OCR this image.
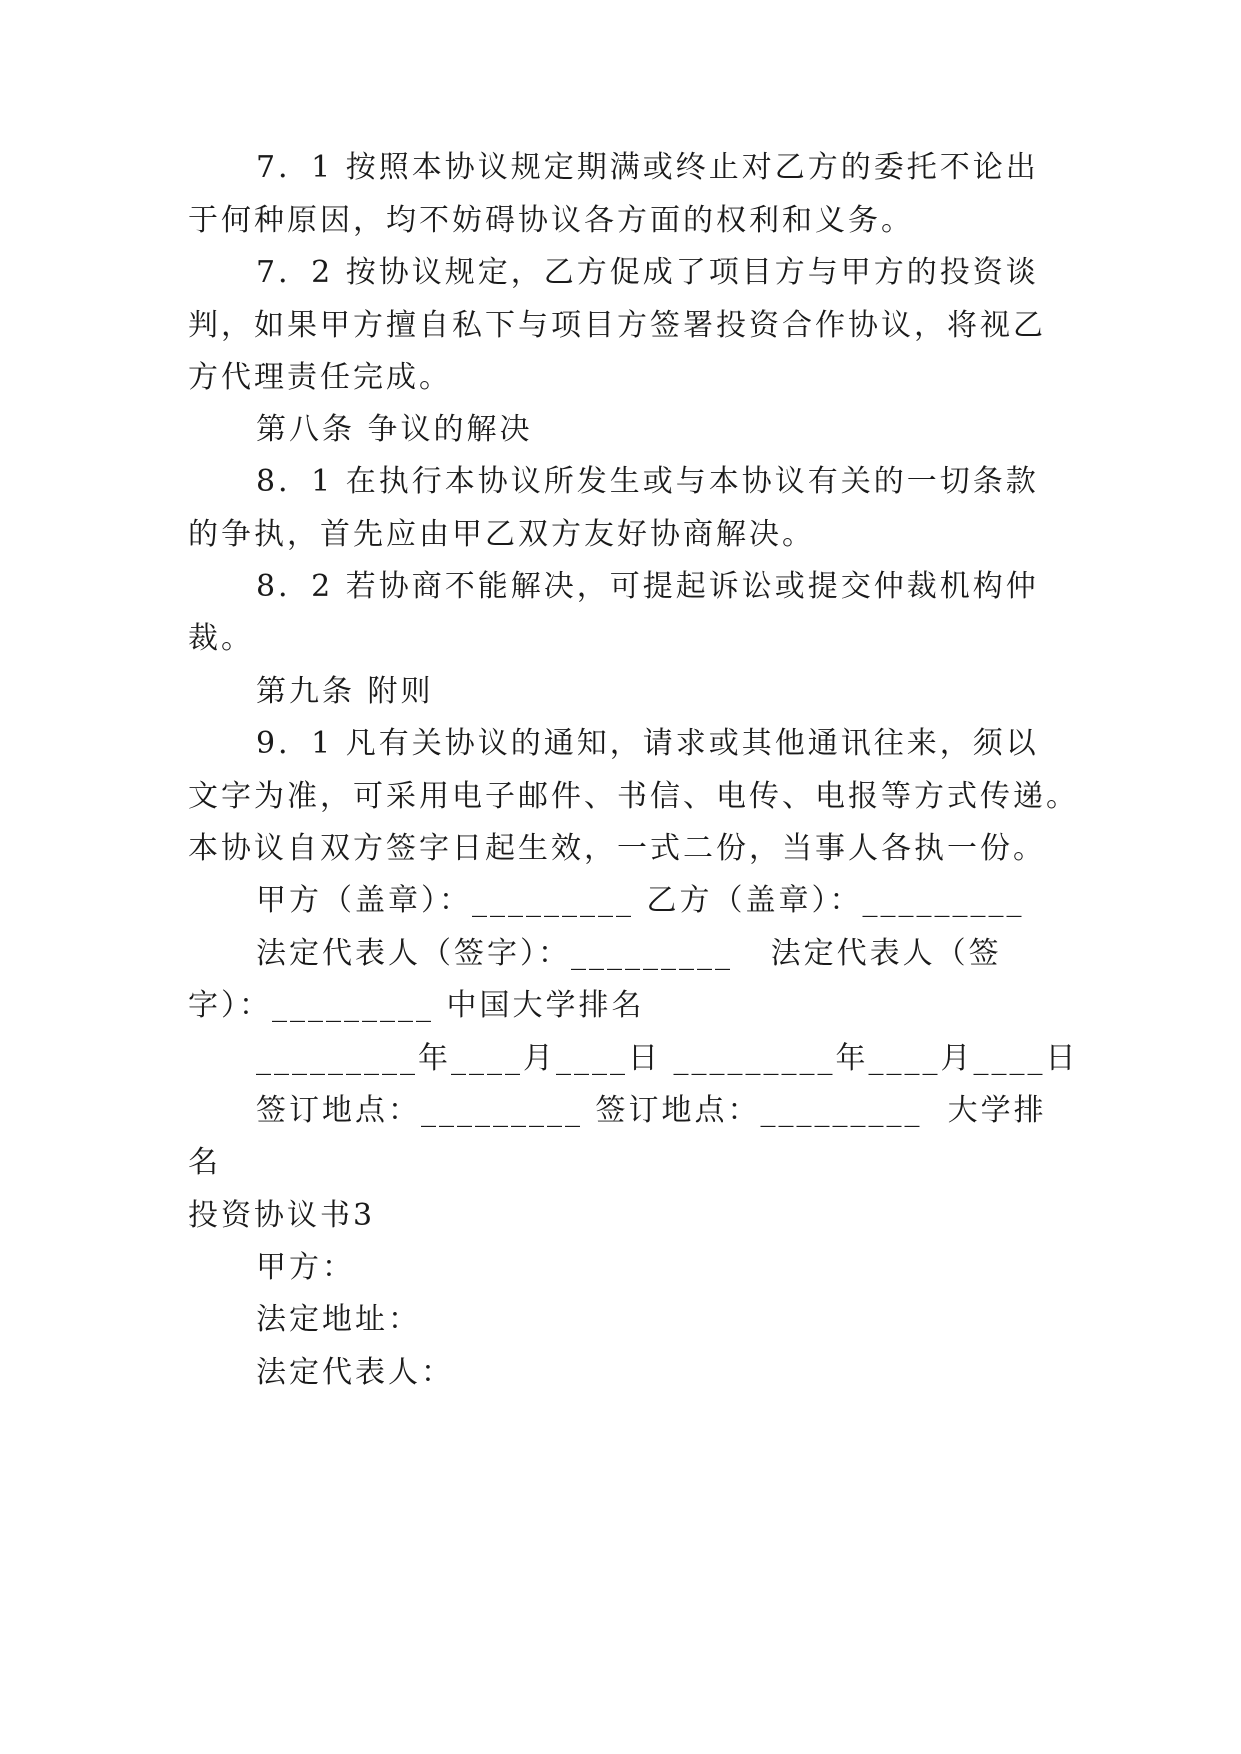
7．1 按照本协议规定期满或终止对乙方的委托不论出
于何种原因，均不妨碍协议各方面的权利和义务。
7．2 按协议规定，乙方促成了项目方与甲方的投资谈
判，如果甲方擅自私下与项目方签署投资合作协议，将视乙
方代理责任完成。
第八条 争议的解决
8．1 在执行本协议所发生或与本协议有关的一切条款
的争执，首先应由甲乙双方友好协商解决。
8．2 若协商不能解决，可提起诉讼或提交仲裁机构仲
裁。
第九条 附则
9．1 凡有关协议的通知，请求或其他通讯往来，须以
文字为准，可采用电子邮件、书信、电传、电报等方式传递。
本协议自双方签字日起生效，一式二份，当事人各执一份。
甲方（盖章）：_________ 乙方（盖章）：_________
法定代表人（签字）：_________   法定代表人（签
字）：_________ 中国大学排名
_________年____月____日 _________年____月____日
签订地点：_________ 签订地点：_________  大学排
名
投资协议书3
甲方：
法定地址：
法定代表人：
